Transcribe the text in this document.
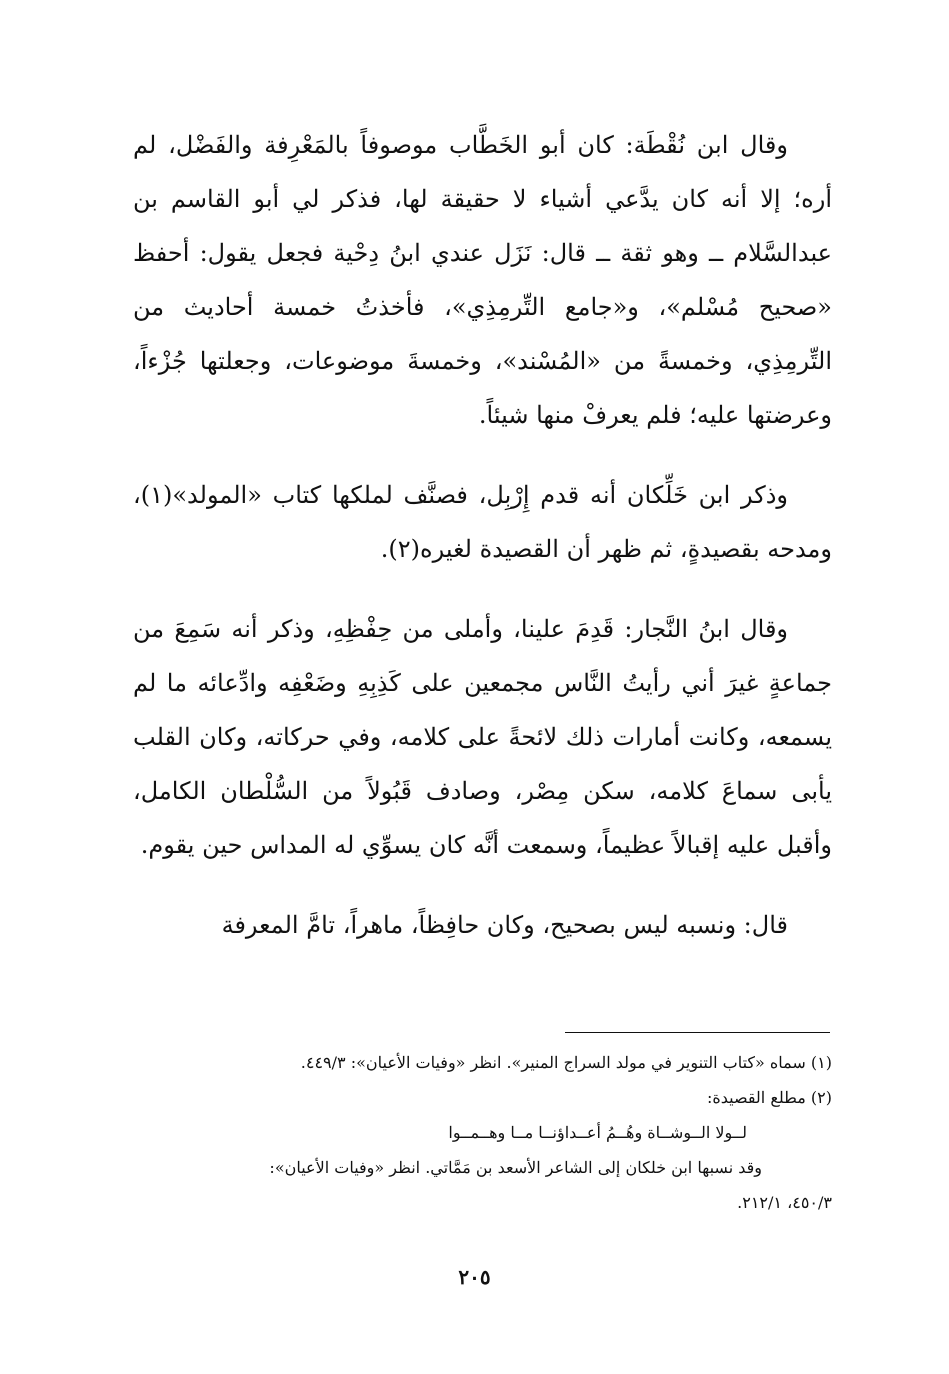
وقال ابن نُقْطَة: كان أبو الخَطَّاب موصوفاً بالمَعْرِفة والفَضْل، لم أره؛ إلا أنه كان يدَّعي أشياء لا حقيقة لها، فذكر لي أبو القاسم بن عبدالسَّلام ــ وهو ثقة ــ قال: نَزَل عندي ابنُ دِحْية فجعل يقول: أحفظ «صحيح مُسْلم»، و«جامع التِّرمِذِي»، فأخذتُ خمسة أحاديث من التِّرمِذِي، وخمسةً من «المُسْند»، وخمسةَ موضوعات، وجعلتها جُزْءاً، وعرضتها عليه؛ فلم يعرفْ منها شيئاً.

وذكر ابن خَلِّكان أنه قدم إِرْبِل، فصنَّف لملكها كتاب «المولد»(١)، ومدحه بقصيدةٍ، ثم ظهر أن القصيدة لغيره(٢).

وقال ابنُ النَّجار: قَدِمَ علينا، وأملى من حِفْظِهِ، وذكر أنه سَمِعَ من جماعةٍ غيرَ أني رأيتُ النَّاس مجمعين على كَذِبِهِ وضَعْفِه وادِّعائه ما لم يسمعه، وكانت أمارات ذلك لائحةً على كلامه، وفي حركاته، وكان القلب يأبى سماعَ كلامه، سكن مِصْر، وصادف قَبُولاً من السُّلْطان الكامل، وأقبل عليه إقبالاً عظيماً، وسمعت أنَّه كان يسوِّي له المداس حين يقوم.

قال: ونسبه ليس بصحيح، وكان حافِظاً، ماهراً، تامَّ المعرفة

(١) سماه «كتاب التنوير في مولد السراج المنير». انظر «وفيات الأعيان»: ٤٤٩/٣.

(٢) مطلع القصيدة:

لــولا الــوشــاة وهُــمُ أعــداؤنــا مــا وهــمــوا

وقد نسبها ابن خلكان إلى الشاعر الأسعد بن مَمَّاتي. انظر «وفيات الأعيان»:

٤٥٠/٣، ٢١٢/١.

٢٠٥
